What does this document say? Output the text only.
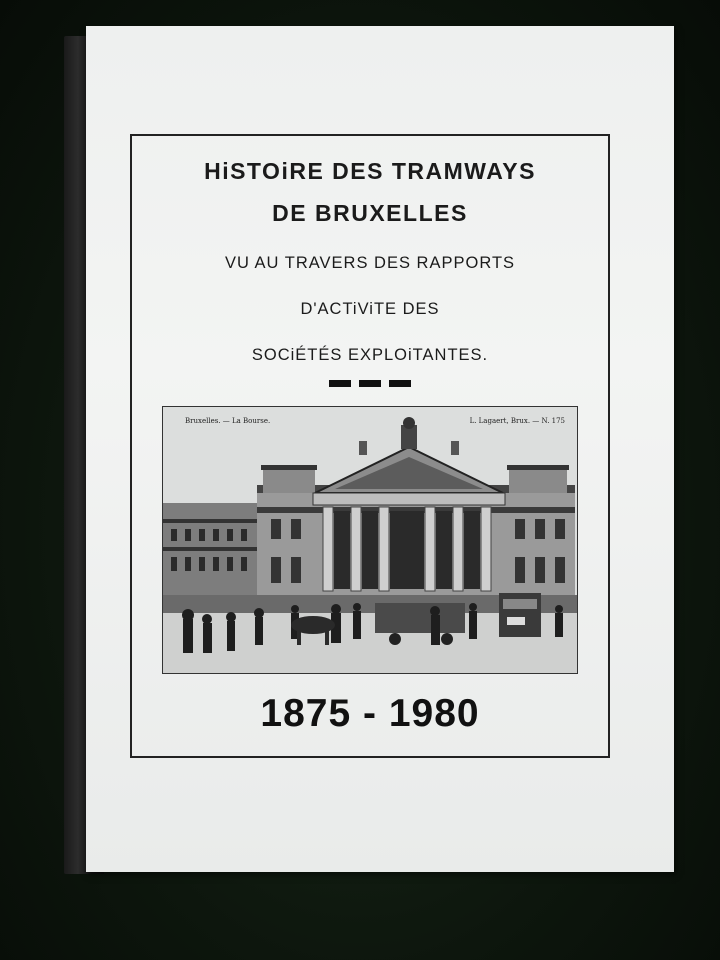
HiSTOiRE DES TRAMWAYS
DE BRUXELLES
VU AU TRAVERS DES RAPPORTS
D'ACTiViTE DES
SOCiÉTÉS EXPLOiTANTES.
Bruxelles. — La Bourse.	L. Lagaert, Brux. — N. 175
1875 - 1980
